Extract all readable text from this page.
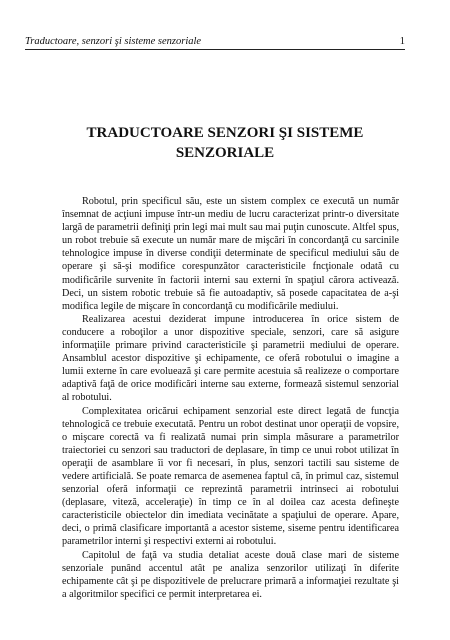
Traductoare, senzori şi sisteme senzoriale	1
TRADUCTOARE SENZORI ŞI SISTEME
SENZORIALE

Robotul, prin specificul său, este un sistem complex ce execută un număr însemnat de acţiuni impuse într-un mediu de lucru caracterizat printr-o diversitate largă de parametrii definiţi prin legi mai mult sau mai puţin cunoscute. Altfel spus, un robot trebuie să execute un număr mare de mişcări în concordanţă cu sarcinile tehnologice impuse în diverse condiţii determinate de specificul mediului său de operare şi să-şi modifice corespunzător caracteristicile fncţionale odată cu modificările survenite în factorii interni sau externi în spaţiul cărora activează. Deci, un sistem robotic trebuie să fie autoadaptiv, să posede capacitatea de a-şi modifica legile de mişcare în concordanţă cu modificările mediului.

Realizarea acestui deziderat impune introducerea în orice sistem de conducere a roboţilor a unor dispozitive speciale, senzori, care să asigure informaţiile primare privind caracteristicile şi parametrii mediului de operare. Ansamblul acestor dispozitive şi echipamente, ce oferă robotului o imagine a lumii externe în care evoluează şi care permite acestuia să realizeze o comportare adaptivă faţă de orice modificări interne sau externe, formează sistemul senzorial al robotului.

Complexitatea oricărui echipament senzorial este direct legată de funcţia tehnologică ce trebuie executată. Pentru un robot destinat unor operaţii de vopsire, o mişcare corectă va fi realizată numai prin simpla măsurare a parametrilor traiectoriei cu senzori sau traductori de deplasare, în timp ce unui robot utilizat în operaţii de asamblare îi vor fi necesari, în plus, senzori tactili sau sisteme de vedere artificială. Se poate remarca de asemenea faptul că, în primul caz, sistemul senzorial oferă informaţii ce reprezintă parametrii intrinseci ai robotului (deplasare, viteză, acceleraţie) în timp ce în al doilea caz acesta defineşte caracteristicile obiectelor din imediata vecinătate a spaţiului de operare. Apare, deci, o primă clasificare importantă a acestor sisteme, siseme pentru identificarea parametrilor interni şi respectivi externi ai robotului.

Capitolul de faţă va studia detaliat aceste două clase mari de sisteme senzoriale punând accentul atât pe analiza senzorilor utilizaţi în diferite echipamente cât şi pe dispozitivele de prelucrare primară a informaţiei rezultate şi a algoritmilor specifici ce permit interpretarea ei.
